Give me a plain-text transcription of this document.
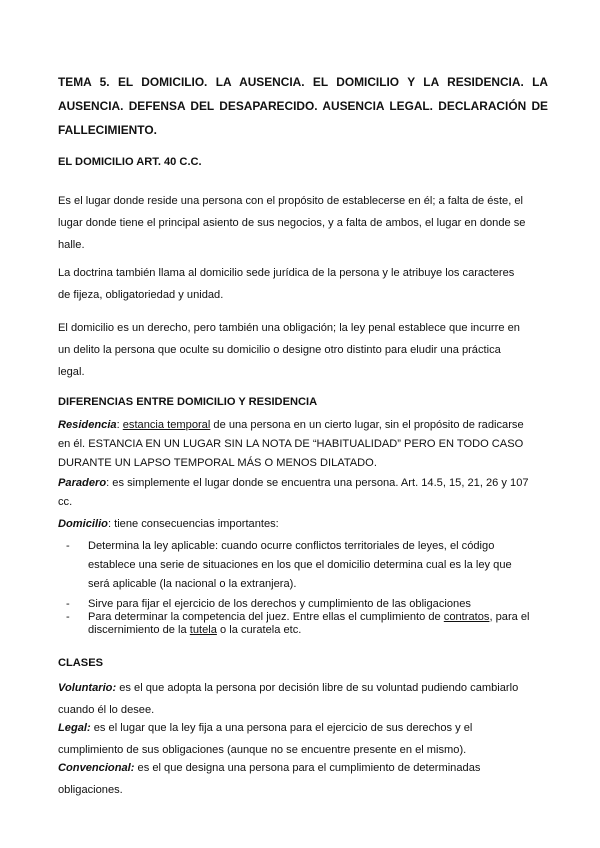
TEMA 5. EL DOMICILIO. LA AUSENCIA. EL DOMICILIO Y LA RESIDENCIA. LA AUSENCIA. DEFENSA DEL DESAPARECIDO. AUSENCIA LEGAL. DECLARACIÓN DE FALLECIMIENTO.
EL DOMICILIO ART. 40 C.C.
Es el lugar donde reside una persona con el propósito de establecerse en él; a falta de éste, el lugar donde tiene el principal asiento de sus negocios, y a falta de ambos, el lugar en donde se halle.
La doctrina también llama al domicilio sede jurídica de la persona y le atribuye los caracteres de fijeza, obligatoriedad y unidad.
El domicilio es un derecho, pero también una obligación; la ley penal establece que incurre en un delito la persona que oculte su domicilio o designe otro distinto para eludir una práctica legal.
DIFERENCIAS ENTRE DOMICILIO Y RESIDENCIA
Residencia: estancia temporal de una persona en un cierto lugar, sin el propósito de radicarse en él. ESTANCIA EN UN LUGAR SIN LA NOTA DE “HABITUALIDAD” PERO EN TODO CASO DURANTE UN LAPSO TEMPORAL MÁS O MENOS DILATADO.
Paradero: es simplemente el lugar donde se encuentra una persona. Art. 14.5, 15, 21, 26 y 107 cc.
Domicilio: tiene consecuencias importantes:
- Determina la ley aplicable: cuando ocurre conflictos territoriales de leyes, el código establece una serie de situaciones en los que el domicilio determina cual es la ley que será aplicable (la nacional o la extranjera).
- Sirve para fijar el ejercicio de los derechos y cumplimiento de las obligaciones
- Para determinar la competencia del juez. Entre ellas el cumplimiento de contratos, para el discernimiento de la tutela o la curatela etc.
CLASES
Voluntario: es el que adopta la persona por decisión libre de su voluntad pudiendo cambiarlo cuando él lo desee.
Legal: es el lugar que la ley fija a una persona para el ejercicio de sus derechos y el cumplimiento de sus obligaciones (aunque no se encuentre presente en el mismo).
Convencional: es el que designa una persona para el cumplimiento de determinadas obligaciones.
